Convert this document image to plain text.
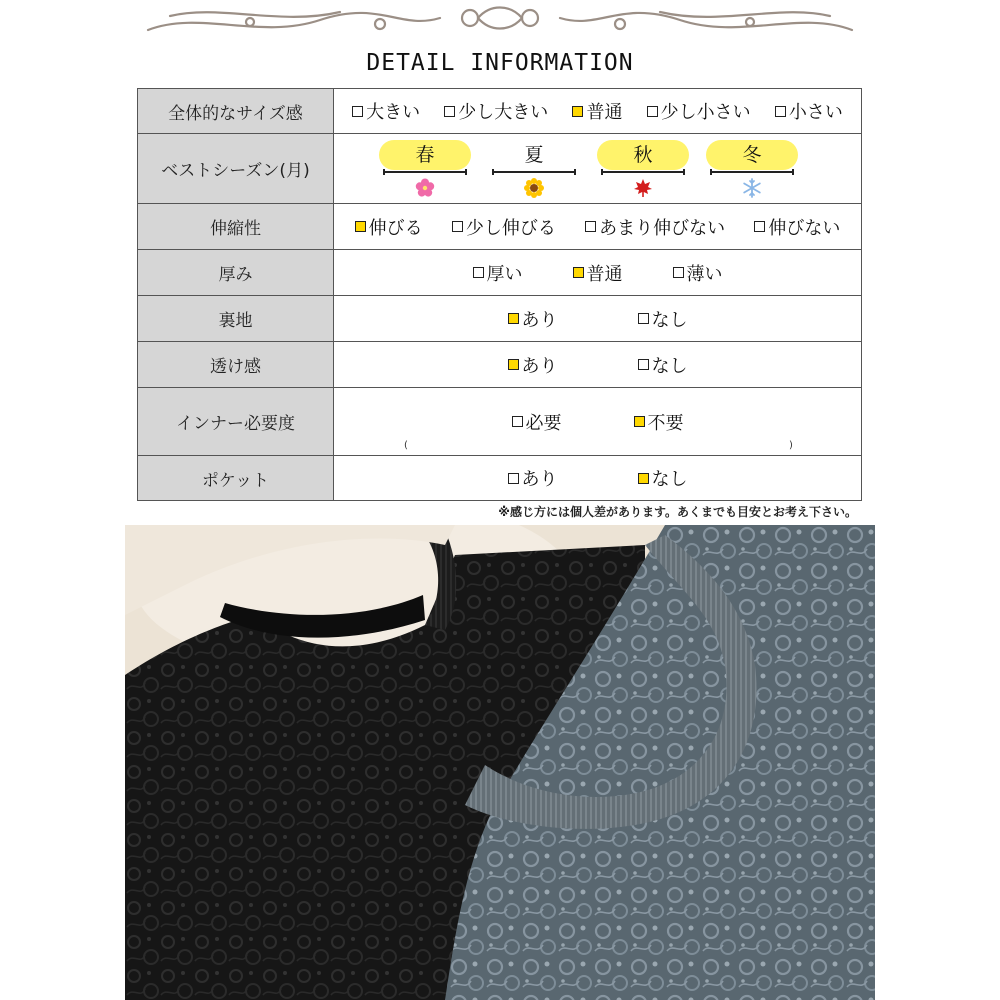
DETAIL INFORMATION
全体的なサイズ感	大きい 少し大きい 普通 少し小さい 小さい

ベストシーズン(月)	春 夏 秋 冬

伸縮性	伸びる 少し伸びる あまり伸びない 伸びない

厚み	厚い 普通 薄い

裏地	あり なし

透け感	あり なし

インナー必要度	必要 不要
( )

ポケット	あり なし
※感じ方には個人差があります。あくまでも目安とお考え下さい。
